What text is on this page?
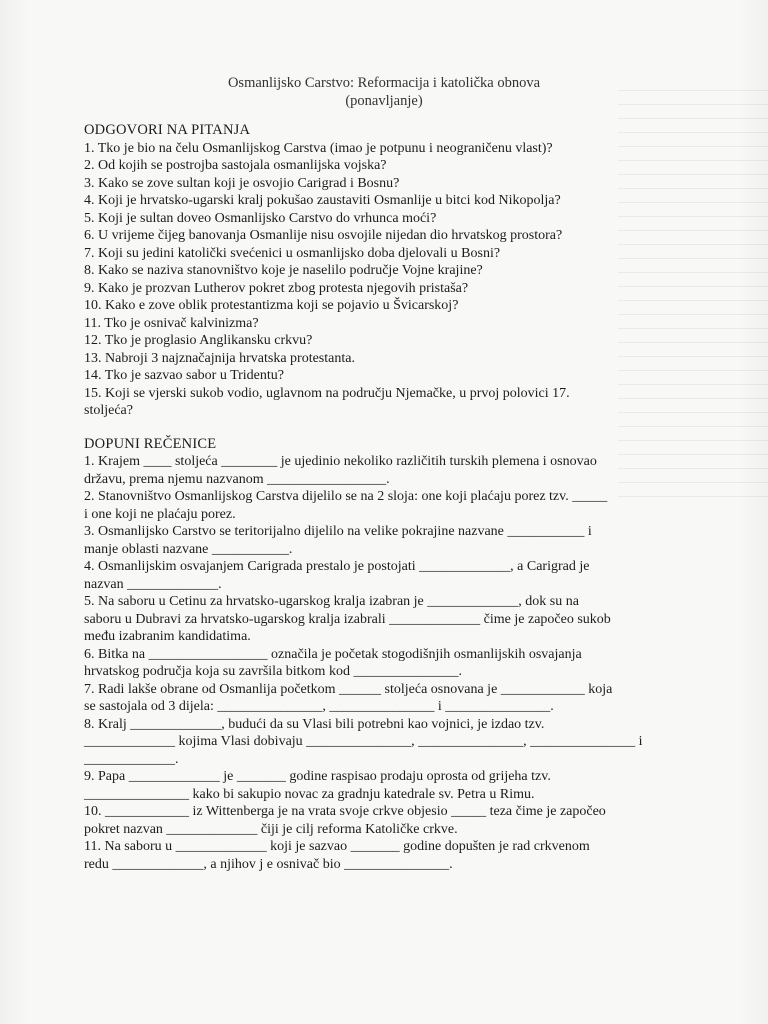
Osmanlijsko Carstvo: Reformacija i katolička obnova
(ponavljanje)
ODGOVORI NA PITANJA
1. Tko je bio na čelu Osmanlijskog Carstva (imao je potpunu i neograničenu vlast)?
2. Od kojih se postrojba sastojala osmanlijska vojska?
3. Kako se zove sultan koji je osvojio Carigrad i Bosnu?
4. Koji je hrvatsko-ugarski kralj pokušao zaustaviti Osmanlije u bitci kod Nikopolja?
5. Koji je sultan doveo Osmanlijsko Carstvo do vrhunca moći?
6. U vrijeme čijeg banovanja Osmanlije nisu osvojile nijedan dio hrvatskog prostora?
7. Koji su jedini katolički svećenici u osmanlijsko doba djelovali u Bosni?
8. Kako se naziva stanovništvo koje je naselilo područje Vojne krajine?
9. Kako je prozvan Lutherov pokret zbog protesta njegovih pristaša?
10. Kako e zove oblik protestantizma koji se pojavio u Švicarskoj?
11. Tko je osnivač kalvinizma?
12. Tko je proglasio Anglikansku crkvu?
13. Nabroji 3 najznačajnija hrvatska protestanta.
14. Tko je sazvao sabor u Tridentu?
15. Koji se vjerski sukob vodio, uglavnom na području Njemačke, u prvoj polovici 17.
stoljeća?
DOPUNI REČENICE
1. Krajem ____ stoljeća ________ je ujedinio nekoliko različitih turskih plemena i osnovao
državu, prema njemu nazvanom _________________.
2. Stanovništvo Osmanlijskog Carstva dijelilo se na 2 sloja: one koji plaćaju porez tzv. _____
i one koji ne plaćaju porez.
3. Osmanlijsko Carstvo se teritorijalno dijelilo na velike pokrajine nazvane ___________ i
manje oblasti nazvane ___________.
4. Osmanlijskim osvajanjem Carigrada prestalo je postojati _____________, a Carigrad je
nazvan _____________.
5. Na saboru u Cetinu za hrvatsko-ugarskog kralja izabran je _____________, dok su na
saboru u Dubravi za hrvatsko-ugarskog kralja izabrali _____________ čime je započeo sukob
među izabranim kandidatima.
6. Bitka na _________________ označila je početak stogodišnjih osmanlijskih osvajanja
hrvatskog područja koja su završila bitkom kod _______________.
7. Radi lakše obrane od Osmanlija početkom ______ stoljeća osnovana je ____________ koja
se sastojala od 3 dijela: _______________, _______________ i _______________.
8. Kralj _____________, budući da su Vlasi bili potrebni kao vojnici, je izdao tzv.
_____________ kojima Vlasi dobivaju _______________, _______________, _______________ i
_____________.
9. Papa _____________ je _______ godine raspisao prodaju oprosta od grijeha tzv.
_______________ kako bi sakupio novac za gradnju katedrale sv. Petra u Rimu.
10. ____________ iz Wittenberga je na vrata svoje crkve objesio _____ teza čime je započeo
pokret nazvan _____________ čiji je cilj reforma Katoličke crkve.
11. Na saboru u _____________ koji je sazvao _______ godine dopušten je rad crkvenom
redu _____________, a njihov j e osnivač bio _______________.
